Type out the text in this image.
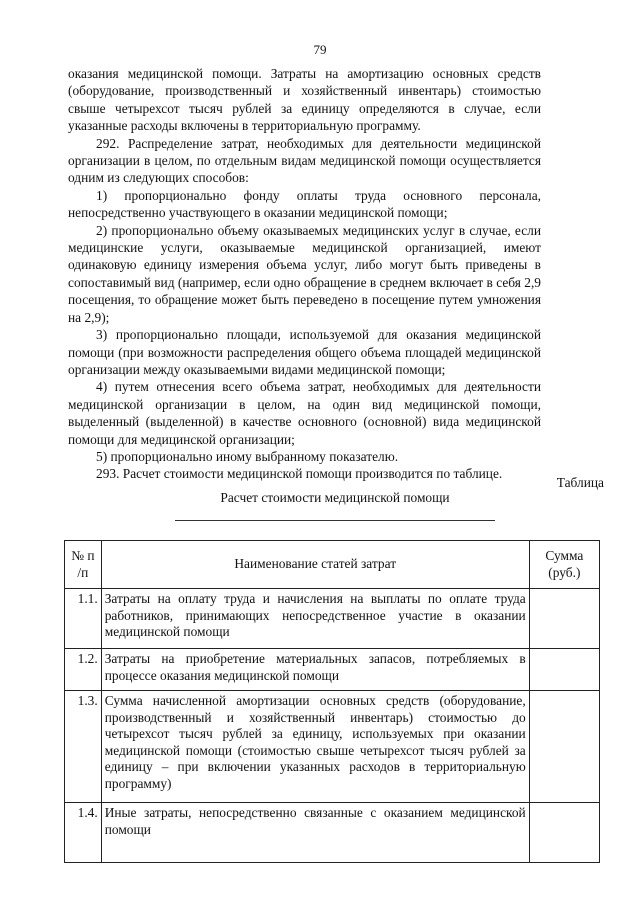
79

оказания медицинской помощи. Затраты на амортизацию основных средств (оборудование, производственный и хозяйственный инвентарь) стоимостью свыше четырехсот тысяч рублей за единицу определяются в случае, если указанные расходы включены в территориальную программу.

292. Распределение затрат, необходимых для деятельности медицинской организации в целом, по отдельным видам медицинской помощи осуществляется одним из следующих способов:

1) пропорционально фонду оплаты труда основного персонала, непосредственно участвующего в оказании медицинской помощи;

2) пропорционально объему оказываемых медицинских услуг в случае, если медицинские услуги, оказываемые медицинской организацией, имеют одинаковую единицу измерения объема услуг, либо могут быть приведены в сопоставимый вид (например, если одно обращение в среднем включает в себя 2,9 посещения, то обращение может быть переведено в посещение путем умножения на 2,9);

3) пропорционально площади, используемой для оказания медицинской помощи (при возможности распределения общего объема площадей медицинской организации между оказываемыми видами медицинской помощи;

4) путем отнесения всего объема затрат, необходимых для деятельности медицинской организации в целом, на один вид медицинской помощи, выделенный (выделенной) в качестве основного (основной) вида медицинской помощи для медицинской организации;

5) пропорционально иному выбранному показателю.

293. Расчет стоимости медицинской помощи производится по таблице.

Таблица
Расчет стоимости медицинской помощи
№ п /п	Наименование статей затрат	Сумма (руб.)
1.1.	Затраты на оплату труда и начисления на выплаты по оплате труда работников, принимающих непосредственное участие в оказании медицинской помощи	
1.2.	Затраты на приобретение материальных запасов, потребляемых в процессе оказания медицинской помощи	
1.3.	Сумма начисленной амортизации основных средств (оборудование, производственный и хозяйственный инвентарь) стоимостью до четырехсот тысяч рублей за единицу, используемых при оказании медицинской помощи (стоимостью свыше четырехсот тысяч рублей за единицу – при включении указанных расходов в территориальную программу)	
1.4.	Иные затраты, непосредственно связанные с оказанием медицинской помощи	
